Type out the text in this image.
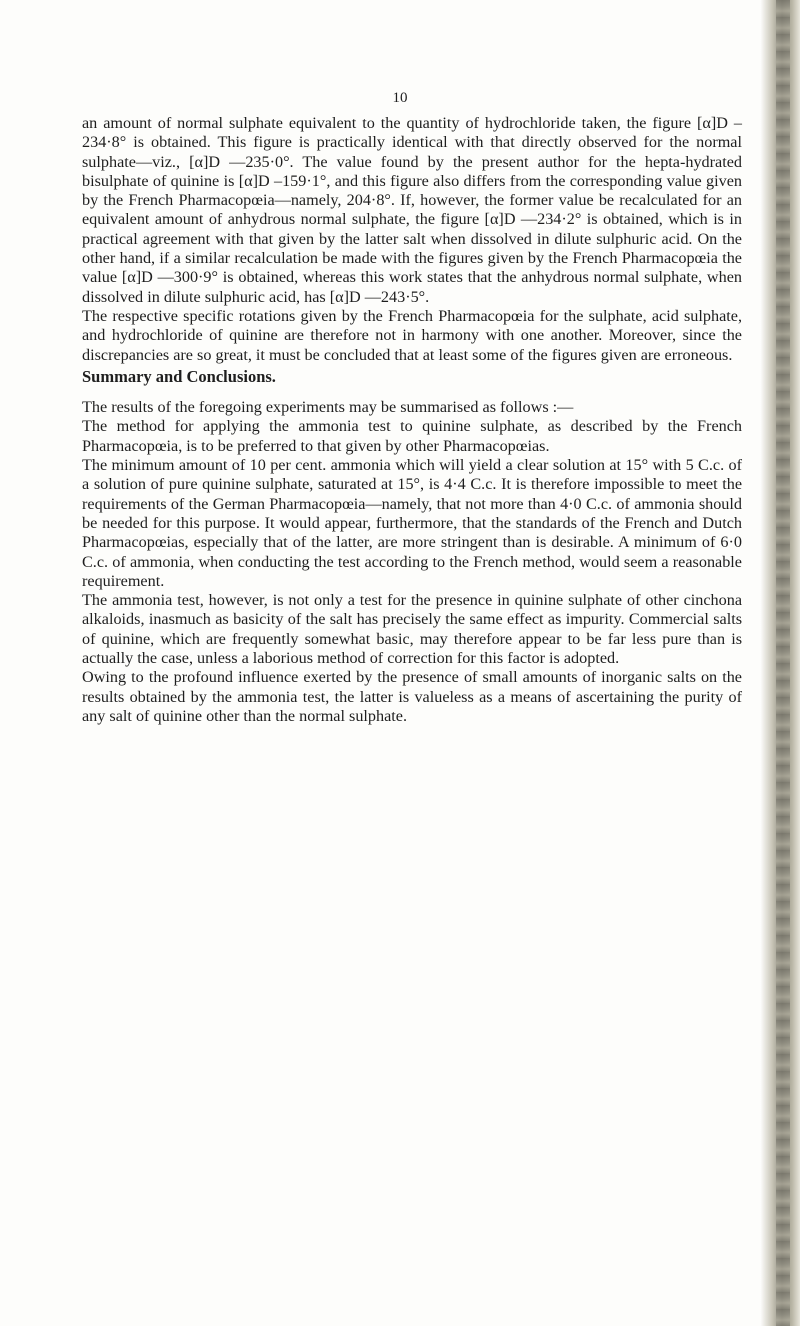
10

an amount of normal sulphate equivalent to the quantity of hydrochloride taken, the figure [α]D – 234·8° is obtained. This figure is practically identical with that directly observed for the normal sulphate—viz., [α]D —235·0°. The value found by the present author for the hepta-hydrated bisulphate of quinine is [α]D –159·1°, and this figure also differs from the corresponding value given by the French Pharmacopœia—namely, 204·8°. If, however, the former value be recalculated for an equivalent amount of anhydrous normal sulphate, the figure [α]D —234·2° is obtained, which is in practical agreement with that given by the latter salt when dissolved in dilute sulphuric acid. On the other hand, if a similar recalculation be made with the figures given by the French Pharmacopœia the value [α]D —300·9° is obtained, whereas this work states that the anhydrous normal sulphate, when dissolved in dilute sulphuric acid, has [α]D —243·5°.

The respective specific rotations given by the French Pharmacopœia for the sulphate, acid sulphate, and hydrochloride of quinine are therefore not in harmony with one another. Moreover, since the discrepancies are so great, it must be concluded that at least some of the figures given are erroneous.

Summary and Conclusions.

The results of the foregoing experiments may be summarised as follows :—

The method for applying the ammonia test to quinine sulphate, as described by the French Pharmacopœia, is to be preferred to that given by other Pharmacopœias.

The minimum amount of 10 per cent. ammonia which will yield a clear solution at 15° with 5 C.c. of a solution of pure quinine sulphate, saturated at 15°, is 4·4 C.c. It is therefore impossible to meet the requirements of the German Pharmacopœia—namely, that not more than 4·0 C.c. of ammonia should be needed for this purpose. It would appear, furthermore, that the standards of the French and Dutch Pharmacopœias, especially that of the latter, are more stringent than is desirable. A minimum of 6·0 C.c. of ammonia, when conducting the test according to the French method, would seem a reasonable requirement.

The ammonia test, however, is not only a test for the presence in quinine sulphate of other cinchona alkaloids, inasmuch as basicity of the salt has precisely the same effect as impurity. Commercial salts of quinine, which are frequently somewhat basic, may therefore appear to be far less pure than is actually the case, unless a laborious method of correction for this factor is adopted.

Owing to the profound influence exerted by the presence of small amounts of inorganic salts on the results obtained by the ammonia test, the latter is valueless as a means of ascertaining the purity of any salt of quinine other than the normal sulphate.
